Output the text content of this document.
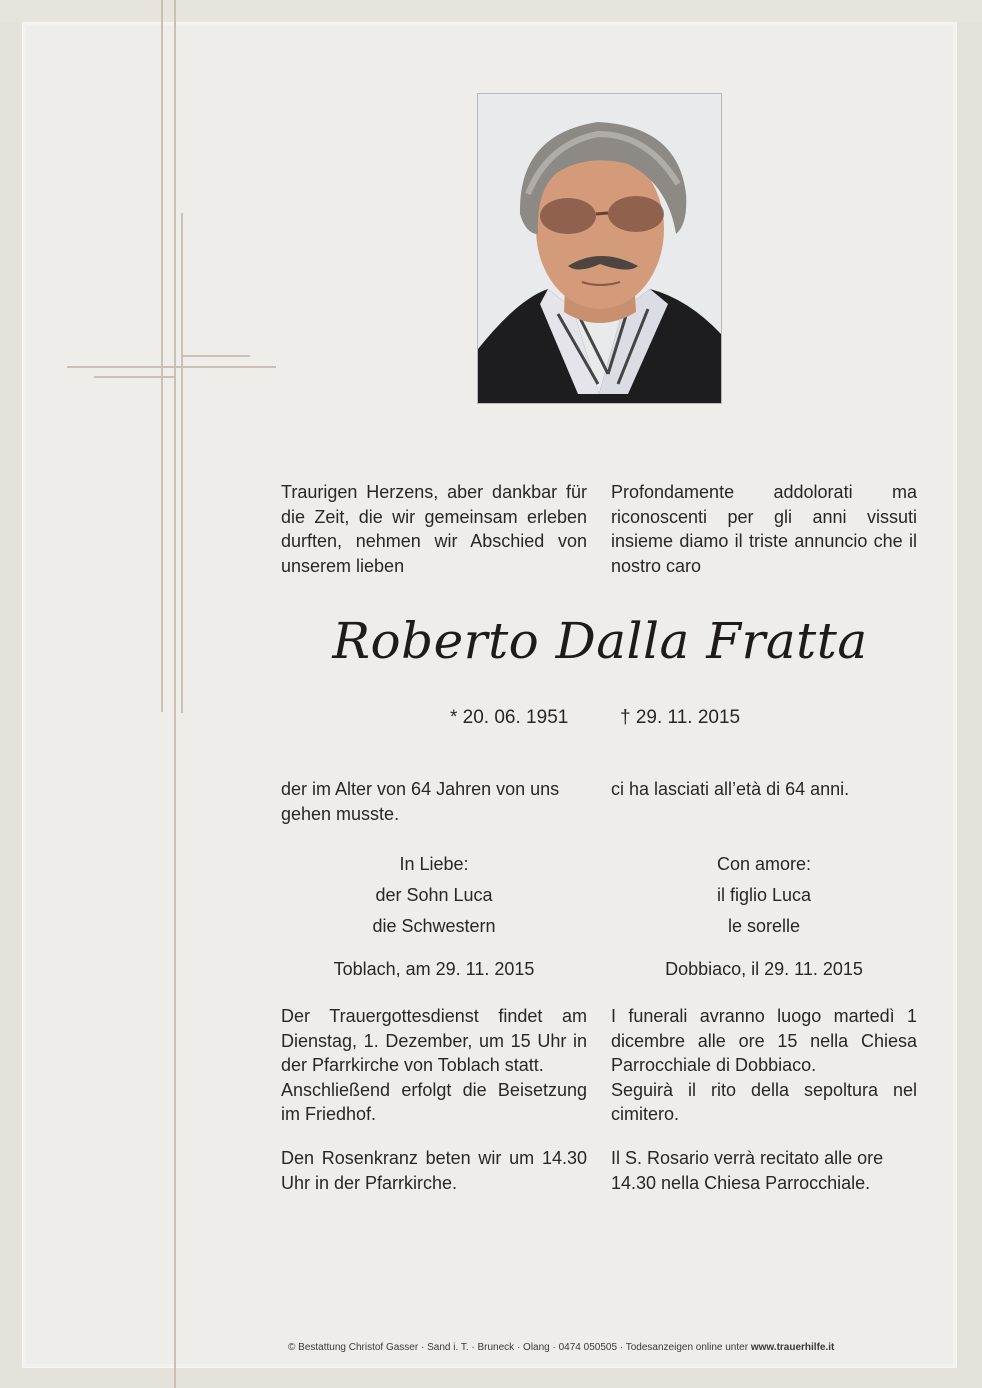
Traurigen Herzens, aber dankbar für die Zeit, die wir gemeinsam erleben durften, nehmen wir Abschied von unserem lieben

Profondamente addolorati ma riconoscenti per gli anni vissuti insieme diamo il triste annuncio che il nostro caro

Roberto Dalla Fratta
* 20. 06. 1951	† 29. 11. 2015

der im Alter von 64 Jahren von uns gehen musste.

ci ha lasciati all’età di 64 anni.

In Liebe:

der Sohn Luca

die Schwestern

Con amore:

il figlio Luca

le sorelle

Toblach, am 29. 11. 2015	Dobbiaco, il 29. 11. 2015

Der Trauergottesdienst findet am Dienstag, 1. Dezember, um 15 Uhr in der Pfarrkirche von Toblach statt.

Anschließend erfolgt die Beisetzung im Friedhof.

I funerali avranno luogo martedì 1 dicembre alle ore 15 nella Chiesa Parrocchiale di Dobbiaco.

Seguirà il rito della sepoltura nel cimitero.

Den Rosenkranz beten wir um 14.30 Uhr in der Pfarrkirche.

Il S. Rosario verrà recitato alle ore 14.30 nella Chiesa Parrocchiale.

© Bestattung Christof Gasser · Sand i. T. · Bruneck · Olang · 0474 050505 · Todesanzeigen online unter www.trauerhilfe.it
